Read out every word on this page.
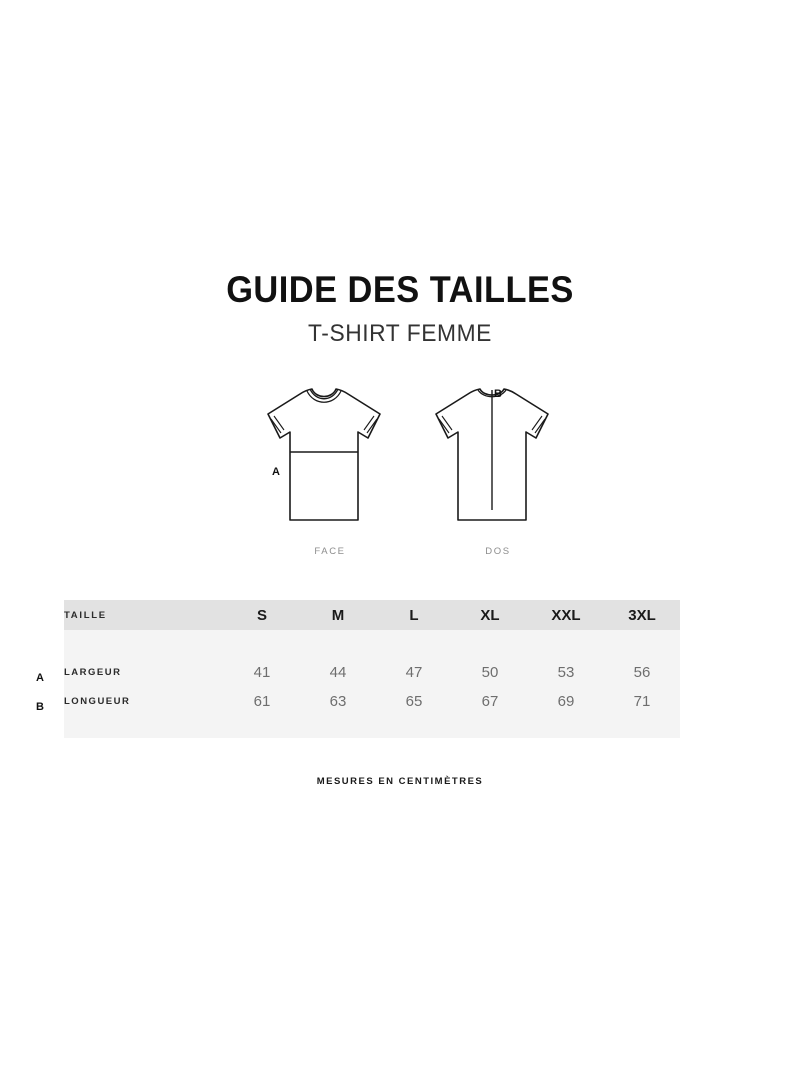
GUIDE DES TAILLES
T-SHIRT FEMME
A
B
FACE	DOS
A
B
TAILLE		S	M	L	XL	XXL	3XL	

LARGEUR		41	44	47	50	53	56	
LONGUEUR		61	63	65	67	69	71	

MESURES EN CENTIMÈTRES
